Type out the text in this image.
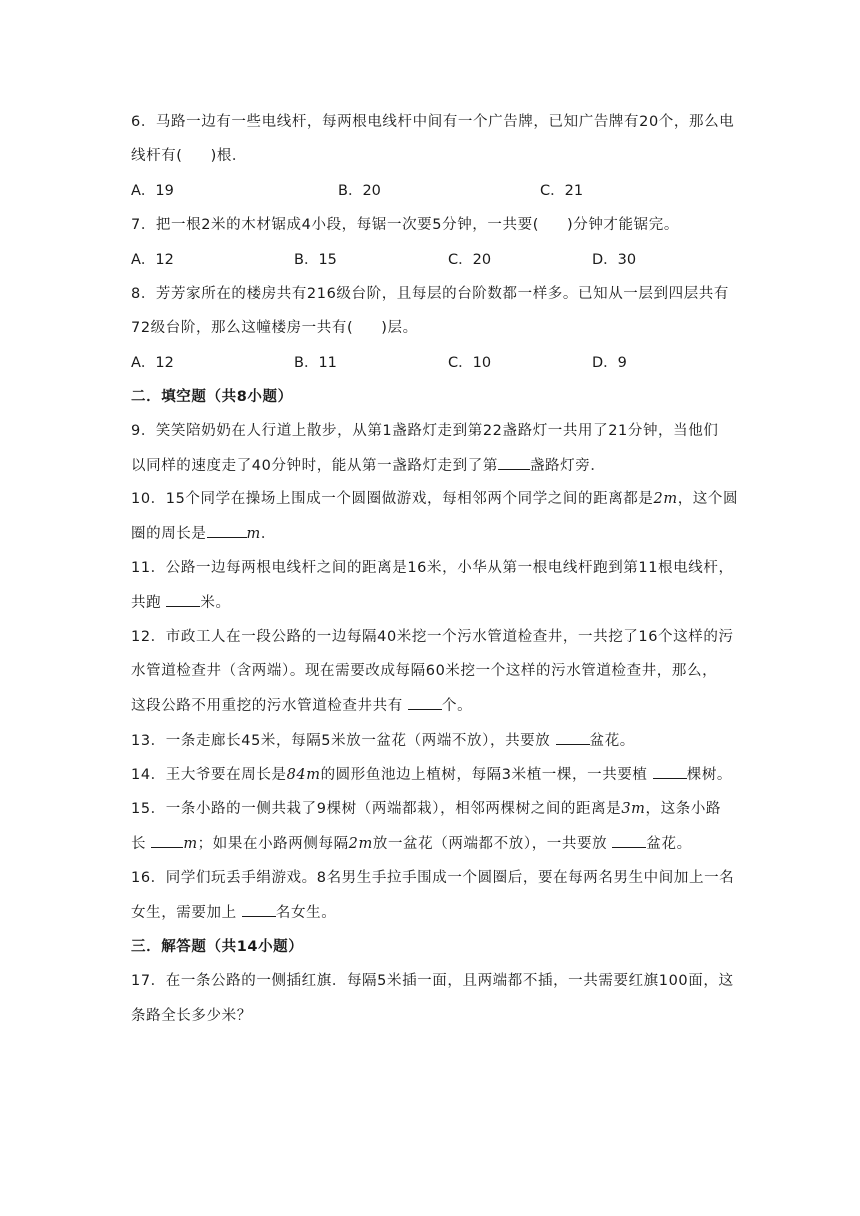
6．马路一边有一些电线杆，每两根电线杆中间有一个广告牌，已知广告牌有20个，那么电
线杆有( )根．
A．19	B．20	C．21
7．把一根2米的木材锯成4小段，每锯一次要5分钟，一共要( )分钟才能锯完。
A．12	B．15	C．20	D．30
8．芳芳家所在的楼房共有216级台阶，且每层的台阶数都一样多。已知从一层到四层共有
72级台阶，那么这幢楼房一共有( )层。
A．12	B．11	C．10	D．9
二．填空题（共8小题）
9．笑笑陪奶奶在人行道上散步，从第1盏路灯走到第22盏路灯一共用了21分钟，当他们
以同样的速度走了40分钟时，能从第一盏路灯走到了第 盏路灯旁．
10．15个同学在操场上围成一个圆圈做游戏，每相邻两个同学之间的距离都是2m，这个圆
圈的周长是	m．
11．公路一边每两根电线杆之间的距离是16米，小华从第一根电线杆跑到第11根电线杆，
共跑 米。
12．市政工人在一段公路的一边每隔40米挖一个污水管道检查井，一共挖了16个这样的污
水管道检查井（含两端）。现在需要改成每隔60米挖一个这样的污水管道检查井，那么，
这段公路不用重挖的污水管道检查井共有 个。
13．一条走廊长45米，每隔5米放一盆花（两端不放），共要放 盆花。
14．王大爷要在周长是84m的圆形鱼池边上植树，每隔3米植一棵，一共要植 棵树。
15．一条小路的一侧共栽了9棵树（两端都栽），相邻两棵树之间的距离是3m，这条小路
长 m；如果在小路两侧每隔2m放一盆花（两端都不放），一共要放 盆花。
16．同学们玩丢手绢游戏。8名男生手拉手围成一个圆圈后，要在每两名男生中间加上一名
女生，需要加上 名女生。
三．解答题（共14小题）
17．在一条公路的一侧插红旗．每隔5米插一面，且两端都不插，一共需要红旗100面，这
条路全长多少米？
